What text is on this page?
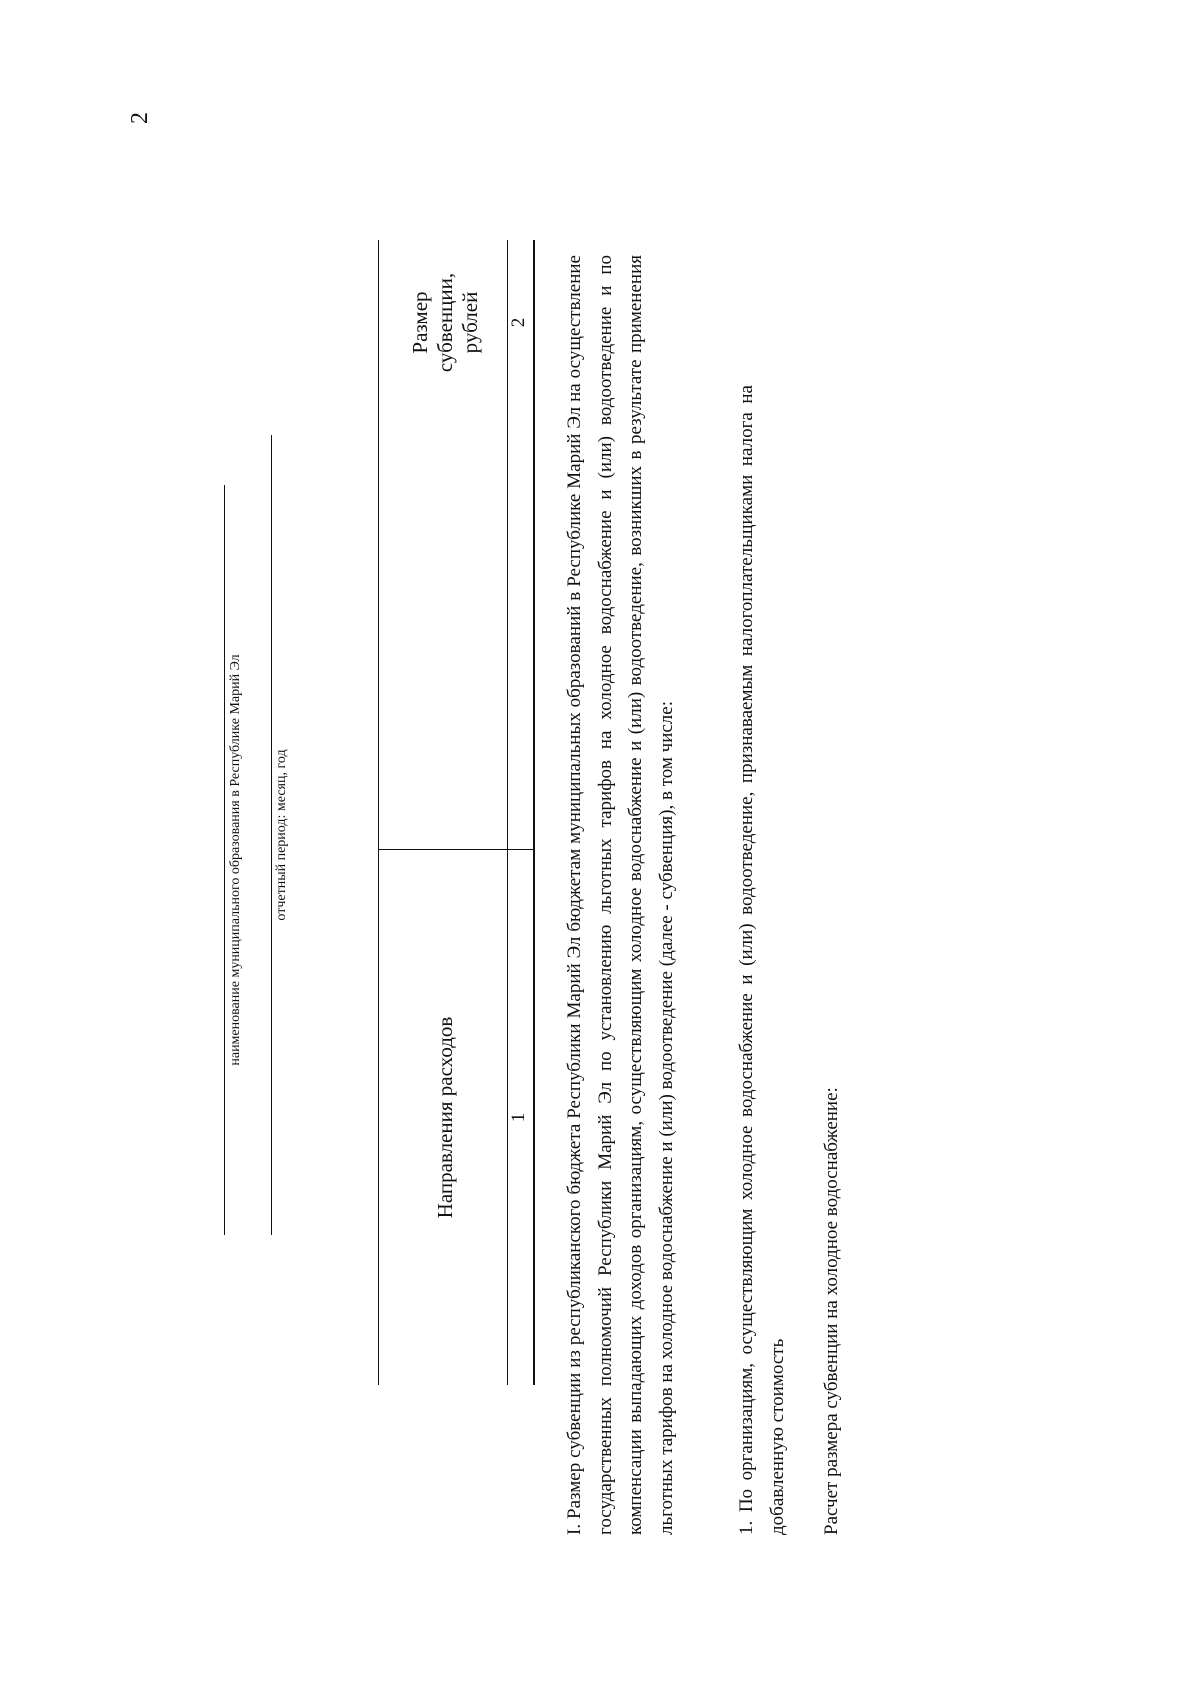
2
наименование муниципального образования в Республике Марий Эл отчетный период: месяц, год
Направления расходов
Размер субвенции, рублей
1
2 I. Размер субвенции из республиканского бюджета Республики Марий Эл бюджетам муниципальных образований в Республике Марий Эл на осуществление государственных полномочий Республики Марий Эл по установлению льготных тарифов на холодное водоснабжение и (или) водоотведение и по компенсации выпадающих доходов организациям, осуществляющим холодное водоснабжение и (или) водоотведение, возникших в результате применения льготных тарифов на холодное водоснабжение и (или) водоотведение (далее - субвенция), в том числе:	1. По организациям, осуществляющим холодное водоснабжение и (или) водоотведение, признаваемым налогоплательщиками налога на добавленную стоимость Расчет размера субвенции на холодное водоснабжение:
